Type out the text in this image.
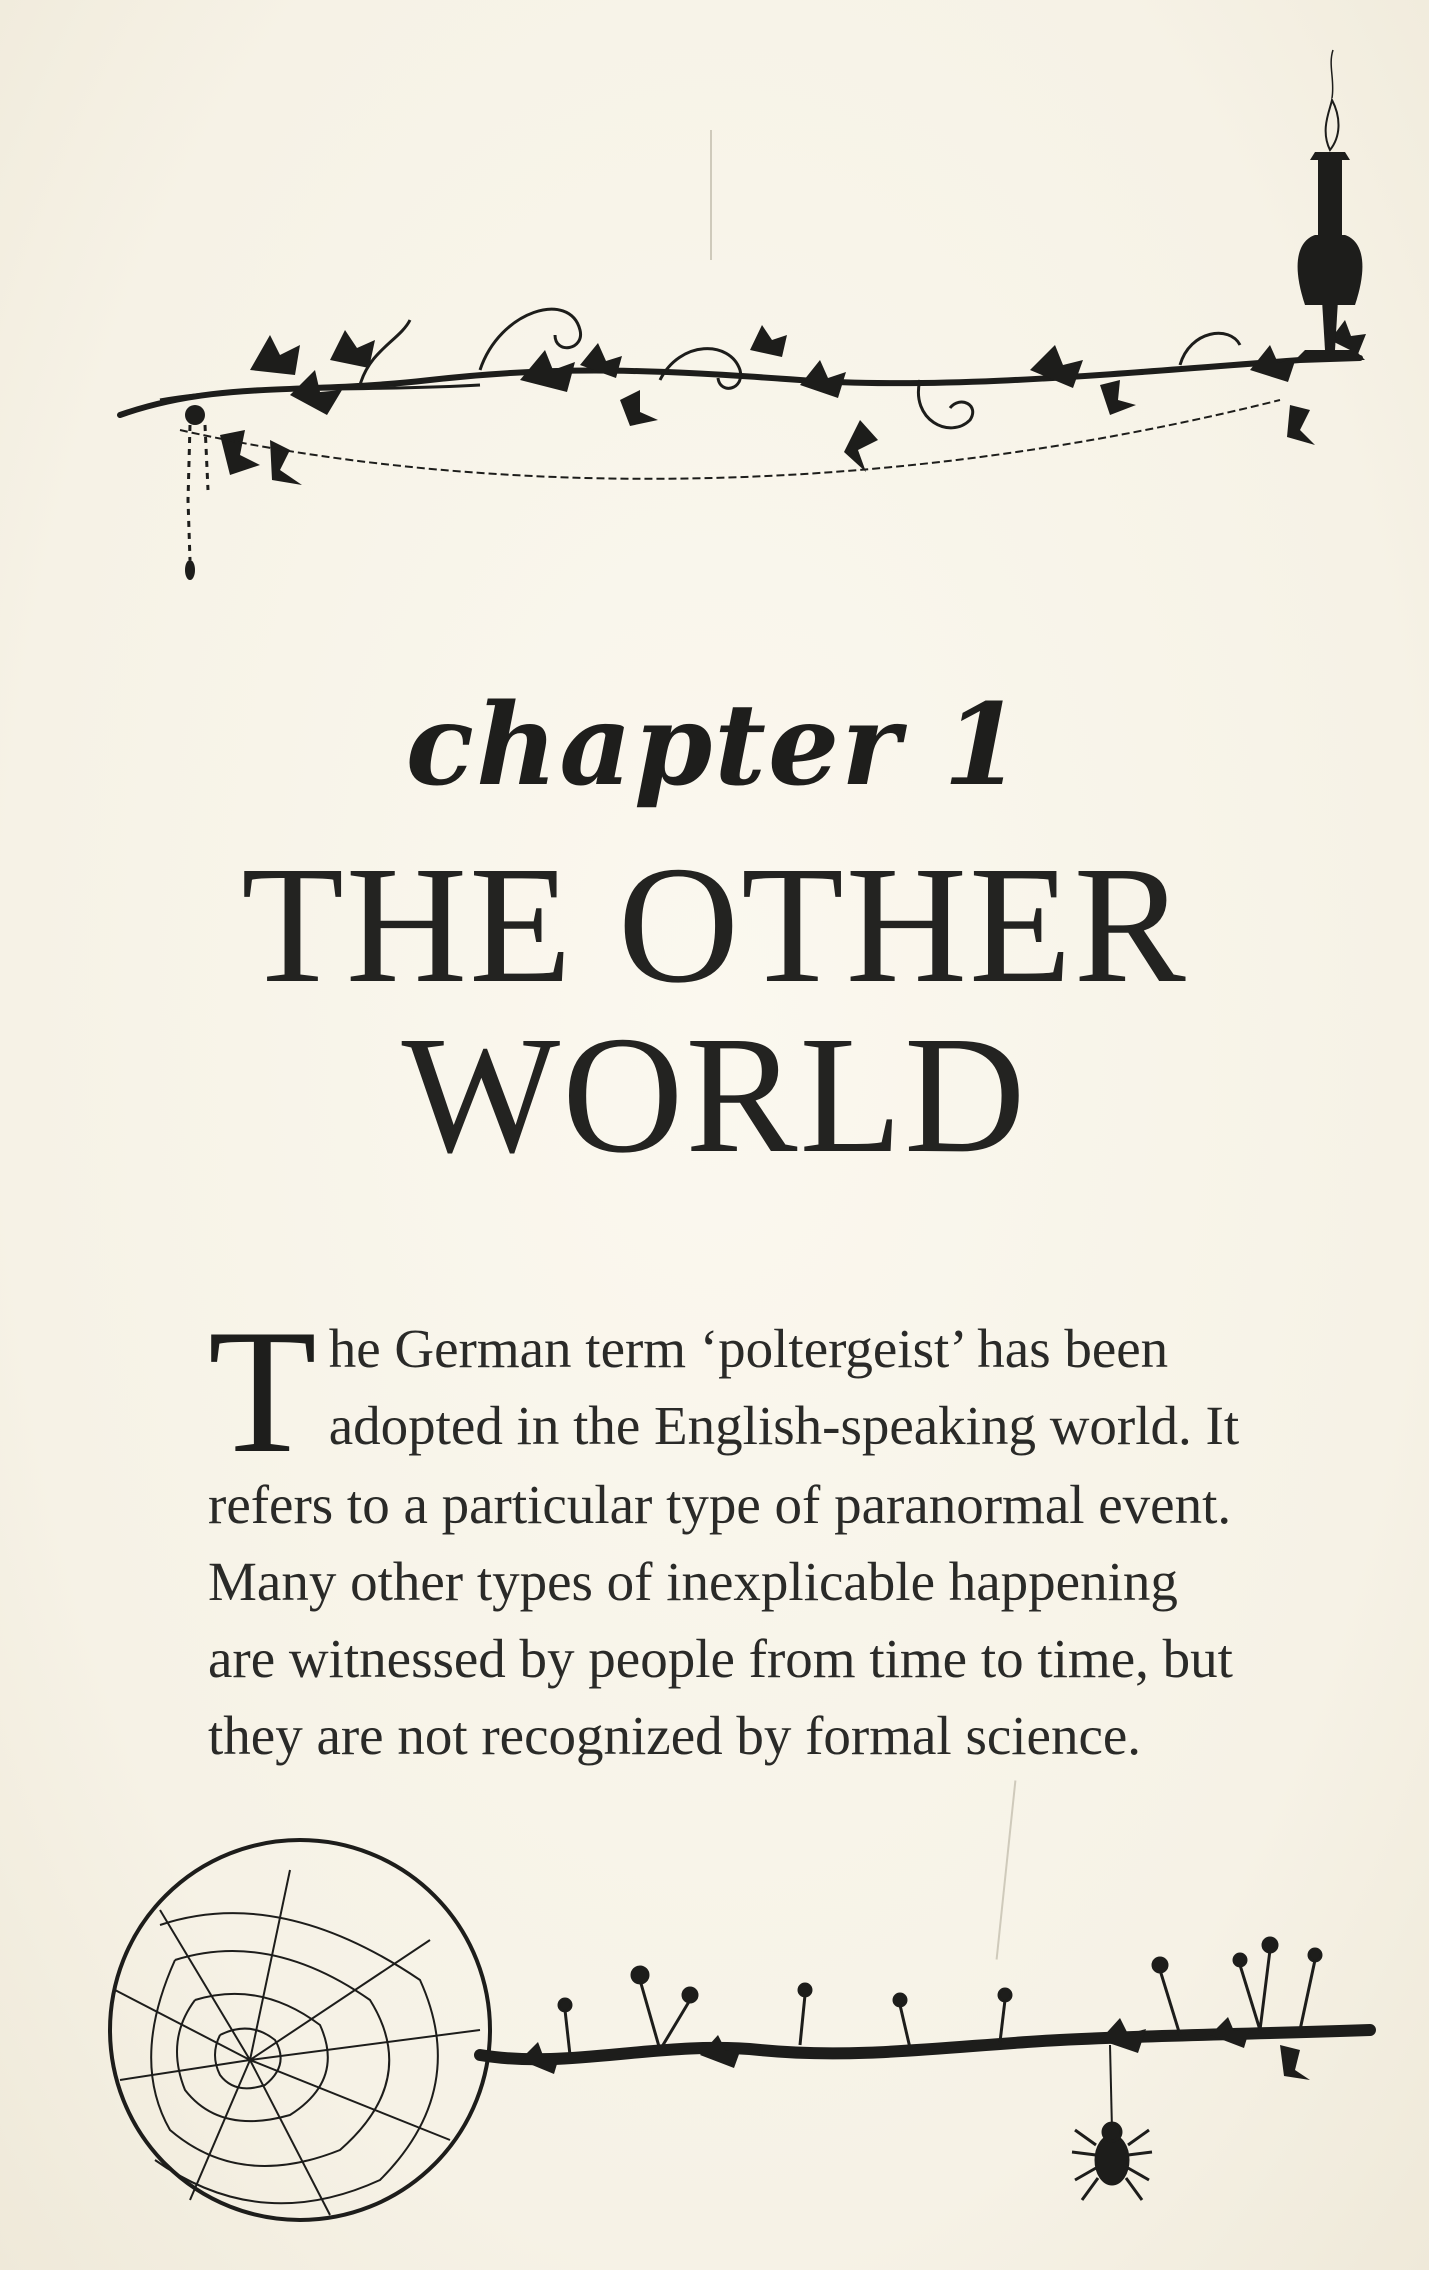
chapter 1
THE OTHER
WORLD
T he German term ‘poltergeist’ has been
adopted in the English-speaking world. It
refers to a particular type of paranormal event.
Many other types of inexplicable happening
are witnessed by people from time to time, but
they are not recognized by formal science.
